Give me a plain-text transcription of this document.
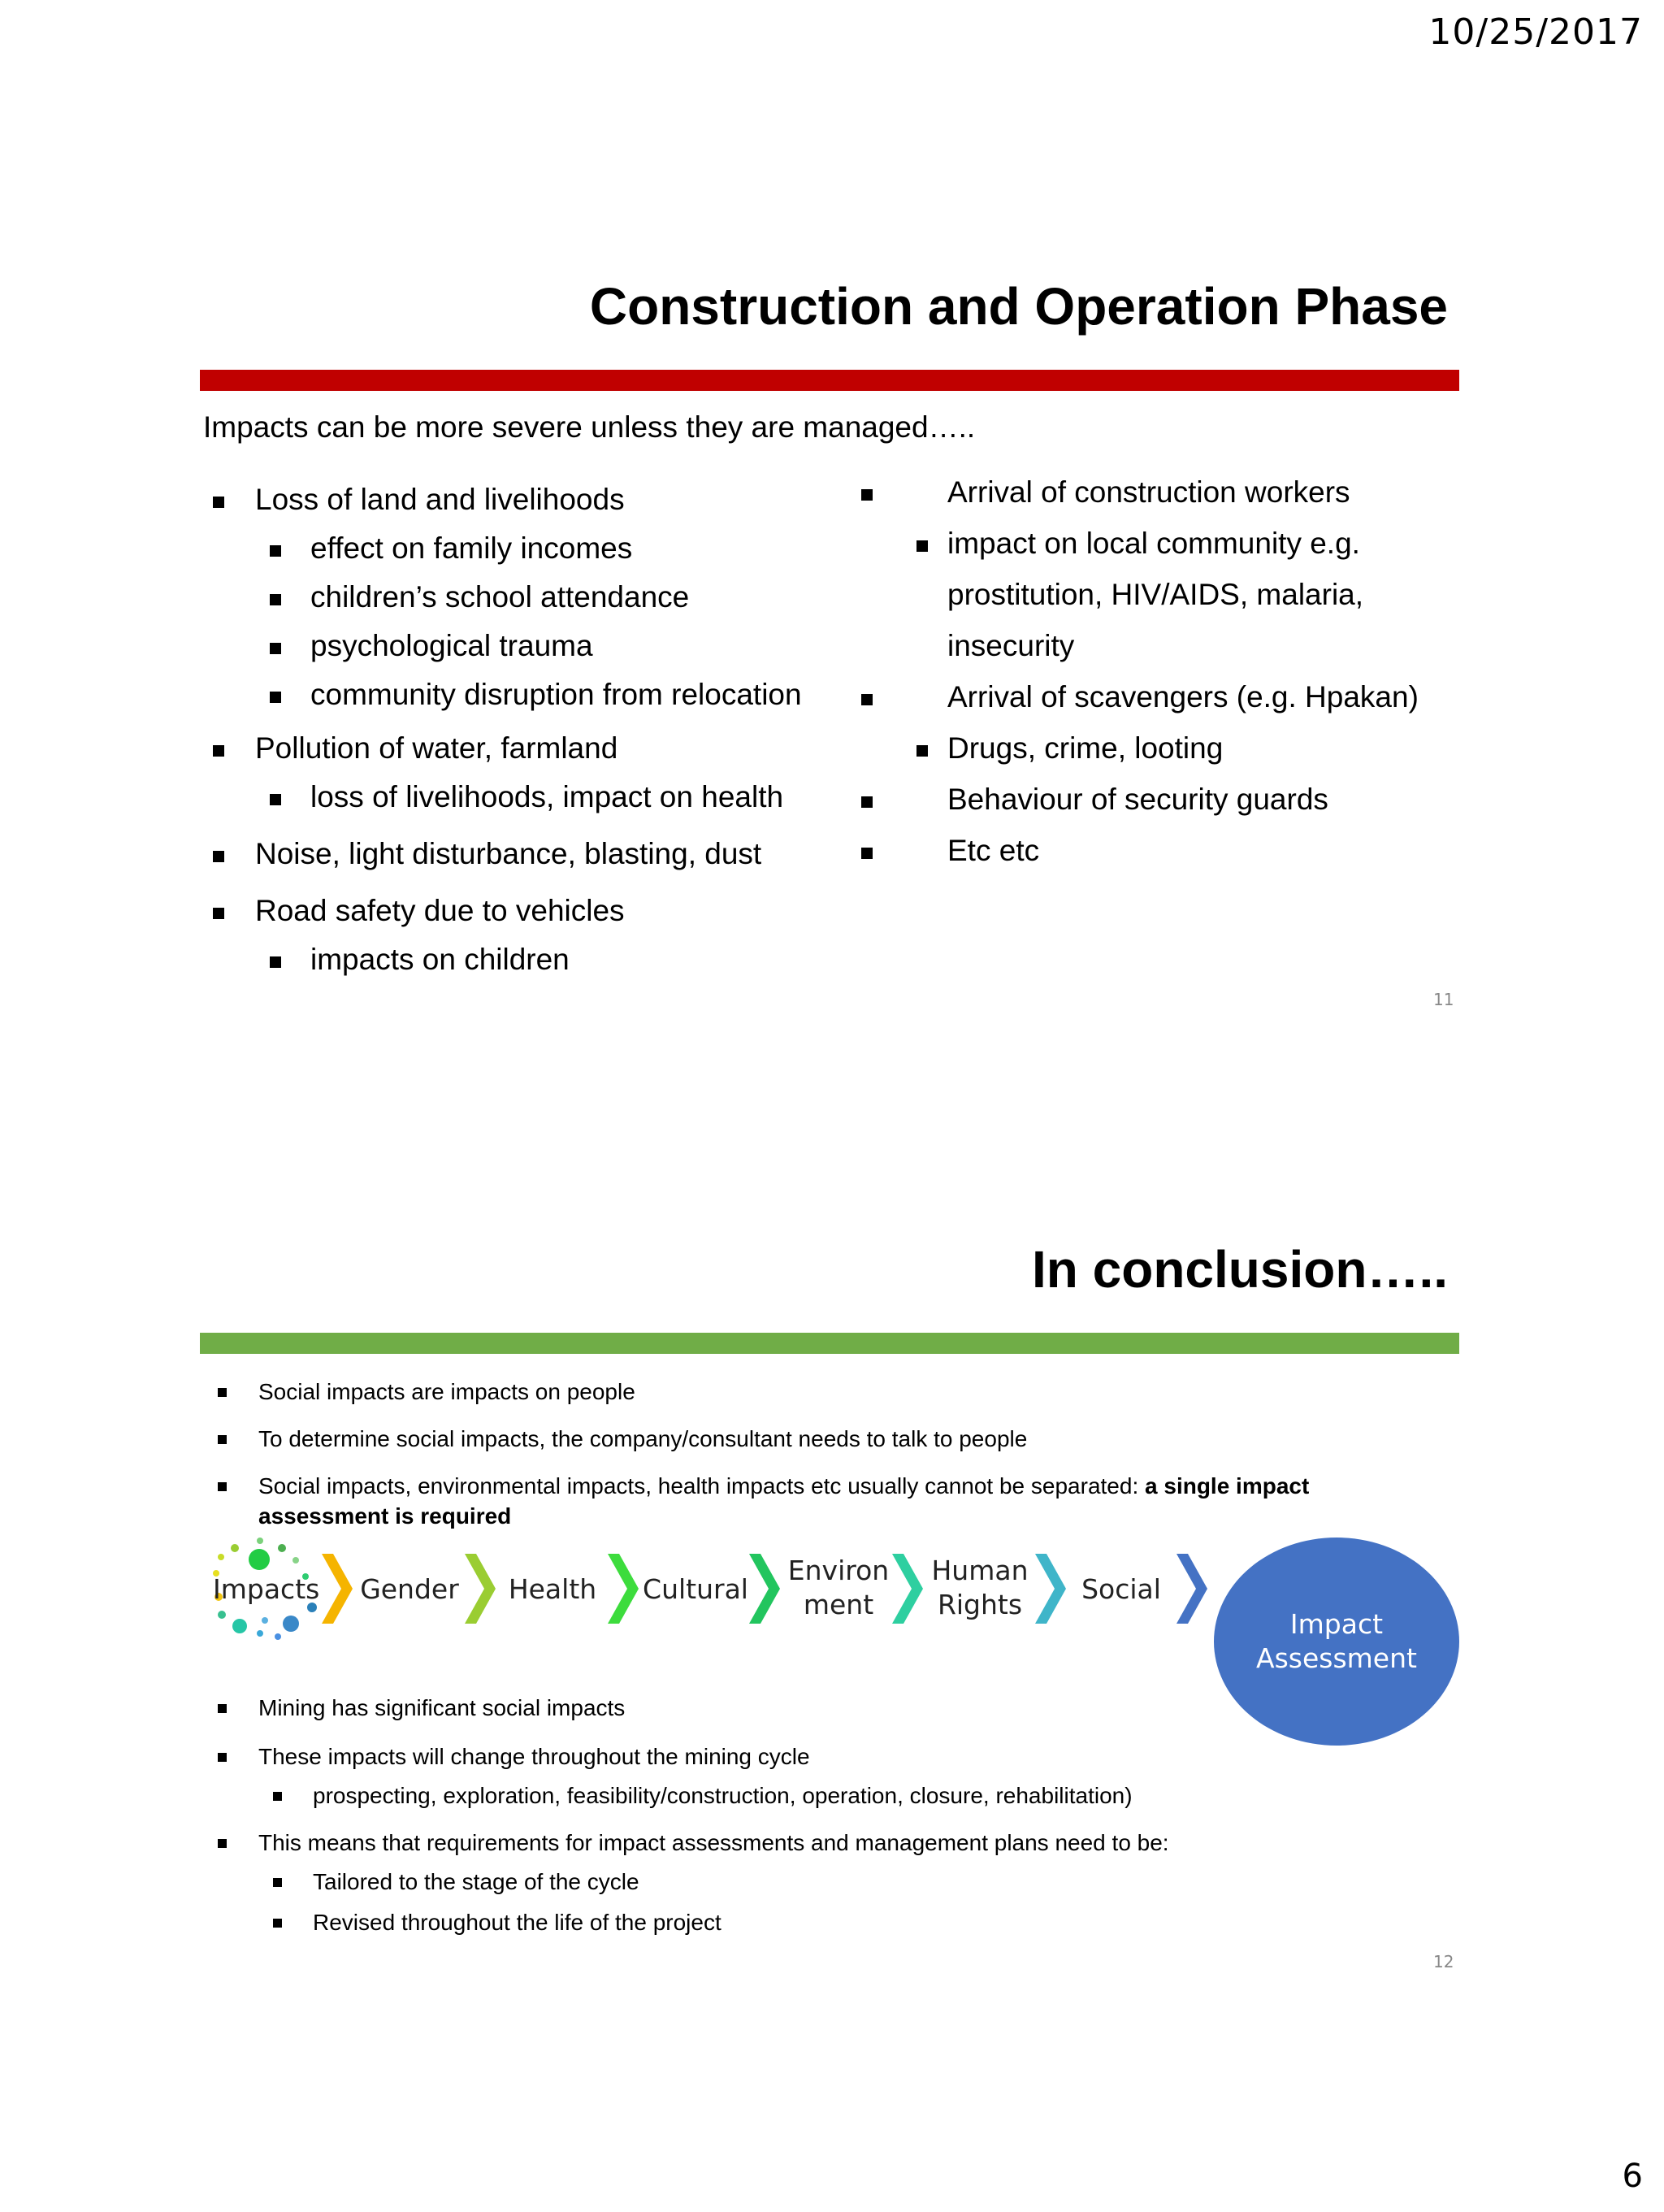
10/25/2017
6
Construction and Operation Phase
Impacts can be more severe unless they are managed…..
Loss of land and livelihoods
effect on family incomes
children’s school attendance
psychological trauma
community disruption from relocation
Pollution of water, farmland
loss of livelihoods, impact on health
Noise, light disturbance, blasting, dust
Road safety due to vehicles
impacts on children
Arrival of construction workers
impact on local community e.g.
prostitution, HIV/AIDS, malaria,
insecurity
Arrival of scavengers (e.g. Hpakan)
Drugs, crime, looting
Behaviour of security guards
Etc etc
11
In conclusion…..
Social impacts are impacts on people
To determine social impacts, the company/consultant needs to talk to people
Social impacts, environmental impacts, health impacts etc usually cannot be separated: a single impact
assessment is required
Impacts Gender	Health	Cultural
Environ
ment
Human
Rights	Social
Impact
Assessment
Mining has significant social impacts
These impacts will change throughout the mining cycle
prospecting, exploration, feasibility/construction, operation, closure, rehabilitation)
This means that requirements for impact assessments and management plans need to be:
Tailored to the stage of the cycle
Revised throughout the life of the project
12
